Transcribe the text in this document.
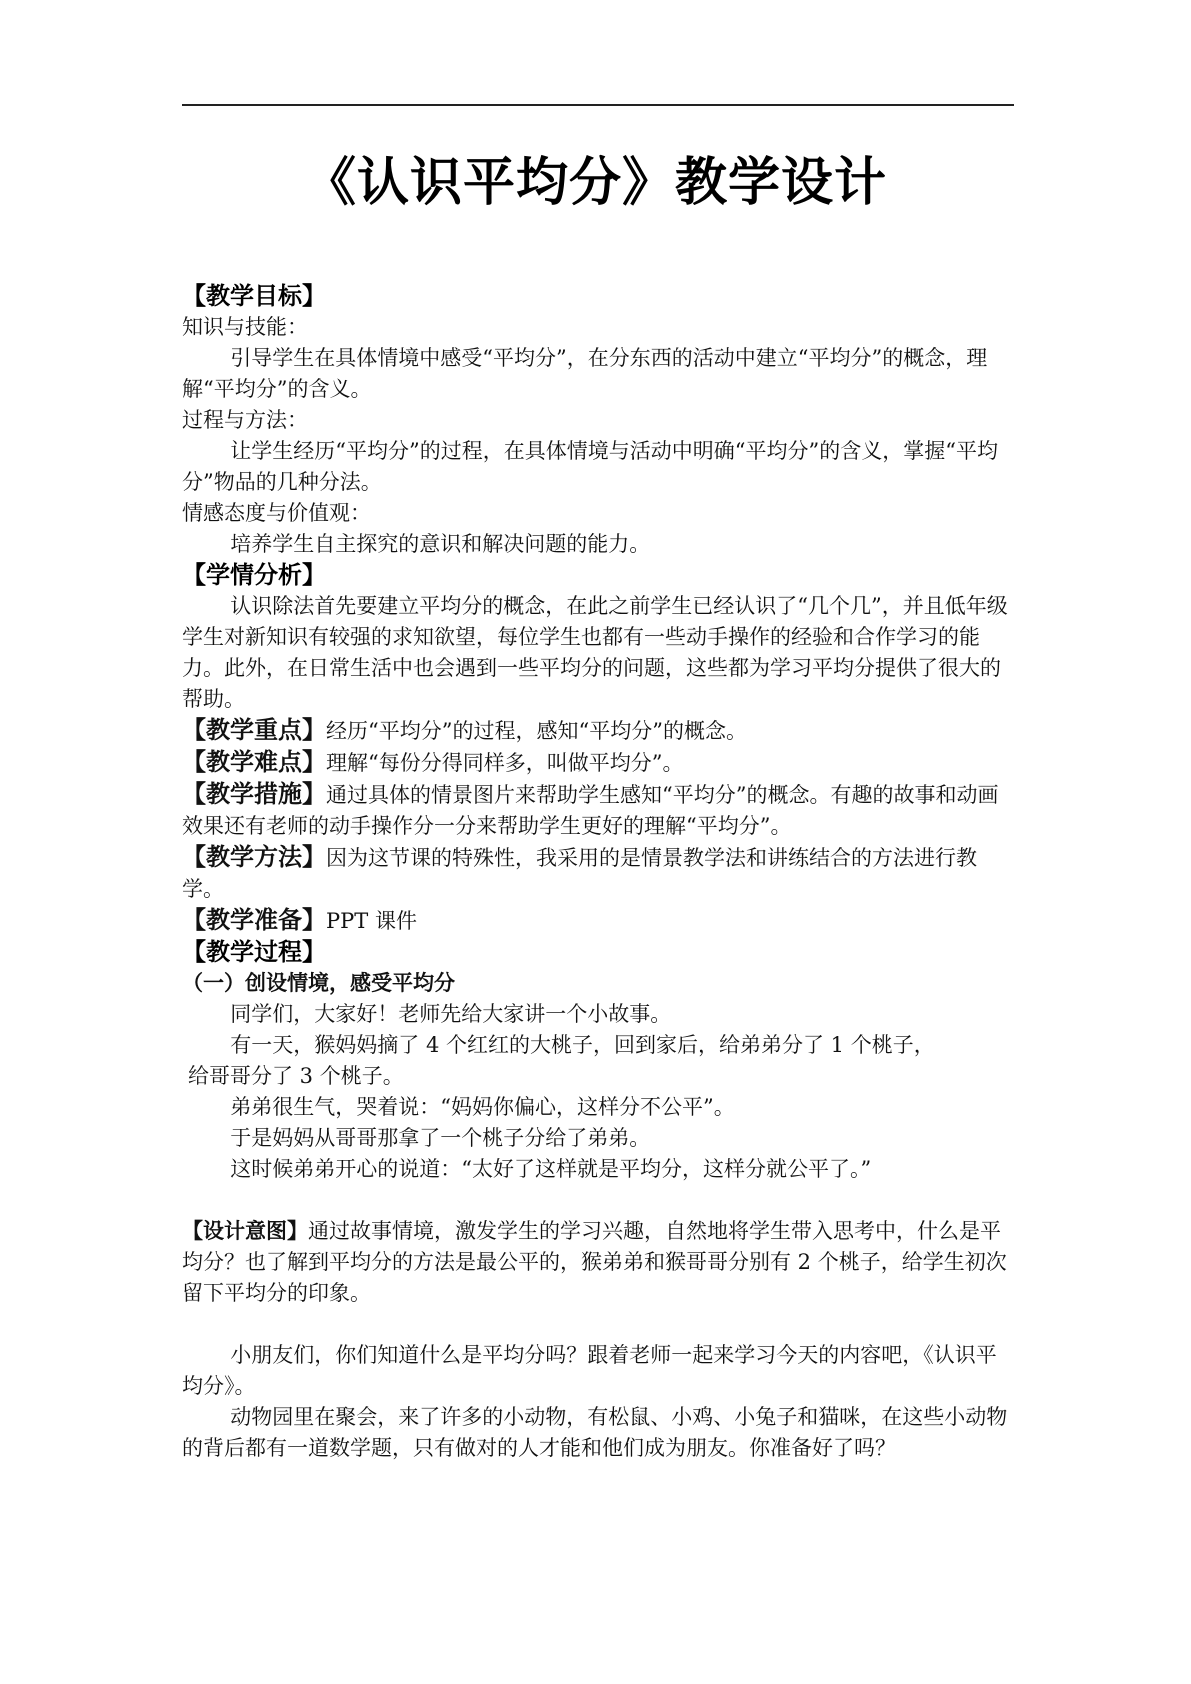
《认识平均分》教学设计

【教学目标】

知识与技能：

引导学生在具体情境中感受“平均分”，在分东西的活动中建立“平均分”的概念，理解“平均分”的含义。

过程与方法：

让学生经历“平均分”的过程，在具体情境与活动中明确“平均分”的含义，掌握“平均分”物品的几种分法。

情感态度与价值观：

培养学生自主探究的意识和解决问题的能力。

【学情分析】

认识除法首先要建立平均分的概念，在此之前学生已经认识了“几个几”，并且低年级学生对新知识有较强的求知欲望，每位学生也都有一些动手操作的经验和合作学习的能力。此外，在日常生活中也会遇到一些平均分的问题，这些都为学习平均分提供了很大的帮助。

【教学重点】经历“平均分”的过程，感知“平均分”的概念。

【教学难点】理解“每份分得同样多，叫做平均分”。

【教学措施】通过具体的情景图片来帮助学生感知“平均分”的概念。有趣的故事和动画效果还有老师的动手操作分一分来帮助学生更好的理解“平均分”。

【教学方法】因为这节课的特殊性，我采用的是情景教学法和讲练结合的方法进行教学。

【教学准备】PPT 课件

【教学过程】

（一）创设情境，感受平均分

同学们，大家好！老师先给大家讲一个小故事。

有一天，猴妈妈摘了 4 个红红的大桃子，回到家后，给弟弟分了 1 个桃子，

给哥哥分了 3 个桃子。

弟弟很生气，哭着说：“妈妈你偏心，这样分不公平”。

于是妈妈从哥哥那拿了一个桃子分给了弟弟。

这时候弟弟开心的说道：“太好了这样就是平均分，这样分就公平了。”

【设计意图】通过故事情境，激发学生的学习兴趣，自然地将学生带入思考中，什么是平均分？也了解到平均分的方法是最公平的，猴弟弟和猴哥哥分别有 2 个桃子，给学生初次留下平均分的印象。

小朋友们，你们知道什么是平均分吗？跟着老师一起来学习今天的内容吧，《认识平均分》。

动物园里在聚会，来了许多的小动物，有松鼠、小鸡、小兔子和猫咪，在这些小动物的背后都有一道数学题，只有做对的人才能和他们成为朋友。你准备好了吗？
